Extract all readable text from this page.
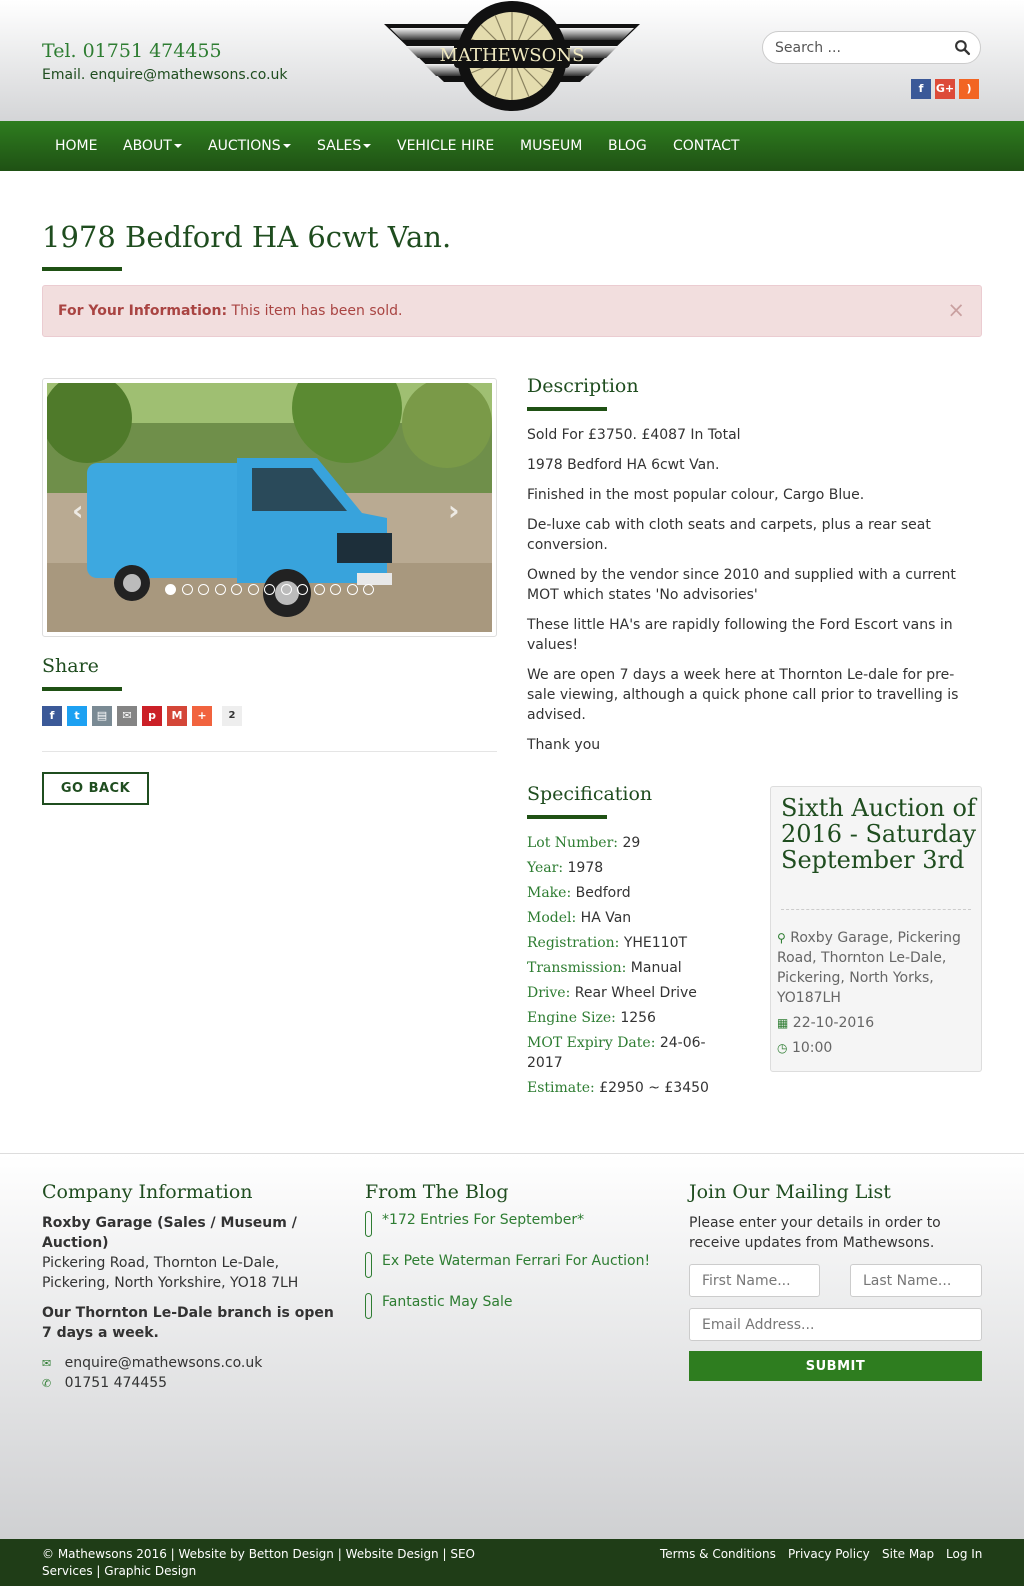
Tel. 01751 474455
Email. enquire@mathewsons.co.uk
MATHEWSONS
Search ...
f	G+	)
HOME ABOUT	AUCTIONS	SALES	VEHICLE HIRE MUSEUM BLOG CONTACT
1978 Bedford HA 6cwt Van.
For Your Information: This item has been sold.	×
‹	›
Share
f	t	▤	✉	p	M	+	2
GO BACK
Description

Sold For £3750. £4087 In Total

1978 Bedford HA 6cwt Van.

Finished in the most popular colour, Cargo Blue.

De-luxe cab with cloth seats and carpets, plus a rear seat conversion.

Owned by the vendor since 2010 and supplied with a current MOT which states 'No advisories'

These little HA's are rapidly following the Ford Escort vans in values!

We are open 7 days a week here at Thornton Le-dale for pre-sale viewing, although a quick phone call prior to travelling is advised.

Thank you

Specification
Lot Number: 29
Year: 1978
Make: Bedford
Model: HA Van
Registration: YHE110T
Transmission: Manual
Drive: Rear Wheel Drive
Engine Size: 1256
MOT Expiry Date: 24-06-2017
Estimate: £2950 ~ £3450
Sixth Auction of 2016 - Saturday September 3rd
⚲ Roxby Garage, Pickering Road, Thornton Le-Dale, Pickering, North Yorks, YO187LH
▦ 22-10-2016
◷ 10:00
Company Information
Roxby Garage (Sales / Museum / Auction)
Pickering Road, Thornton Le-Dale, Pickering, North Yorkshire, YO18 7LH
Our Thornton Le-Dale branch is open 7 days a week.
✉ enquire@mathewsons.co.uk
✆ 01751 474455
From The Blog
*172 Entries For September*
Ex Pete Waterman Ferrari For Auction!
Fantastic May Sale
Join Our Mailing List
Please enter your details in order to receive updates from Mathewsons.
First Name...
Last Name...
Email Address...
SUBMIT
© Mathewsons 2016 | Website by Betton Design | Website Design | SEO Services | Graphic Design
Terms & Conditions Privacy Policy Site Map Log In
